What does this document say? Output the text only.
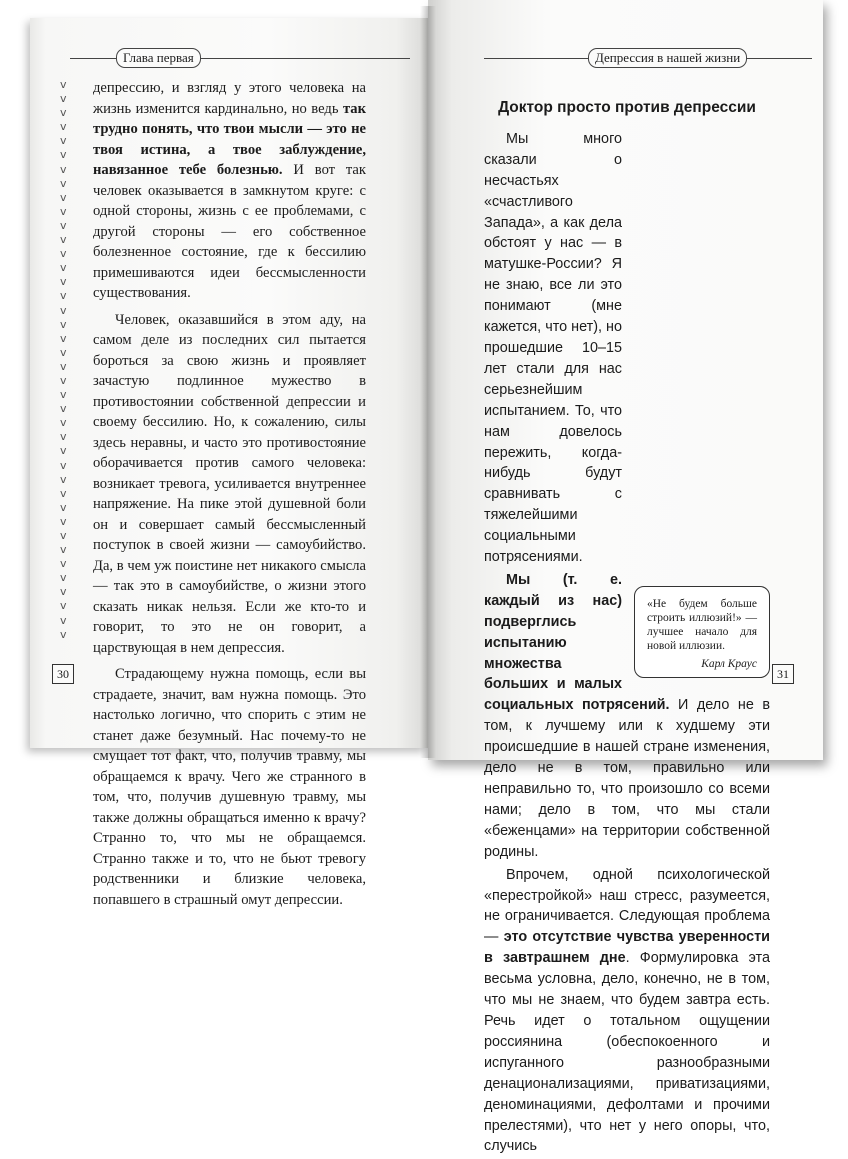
Глава первая	Депрессия в нашей жизни
v
v
v
v
v
v
v
v
v
v
v
v
v
v
v
v
v
v
v
v
v
v
v
v
v
v
v
v
v
v
v
v
v
v
v
v
v
v
v
v

депрессию, и взгляд у этого человека на жизнь изменится кардинально, но ведь так трудно понять, что твои мысли — это не твоя истина, а твое заблуждение, навязанное тебе болезнью. И вот так человек оказывается в замкнутом круге: с одной стороны, жизнь с ее проблемами, с другой стороны — его собственное болезненное состояние, где к бессилию примешиваются идеи бессмысленности существования.

Человек, оказавшийся в этом аду, на самом деле из последних сил пытается бороться за свою жизнь и проявляет зачастую подлинное мужество в противостоянии собственной депрессии и своему бессилию. Но, к сожалению, силы здесь неравны, и часто это противостояние оборачивается против самого человека: возникает тревога, усиливается внутреннее напряжение. На пике этой душевной боли он и совершает самый бессмысленный поступок в своей жизни — самоубийство. Да, в чем уж поистине нет никакого смысла — так это в самоубийстве, о жизни этого сказать никак нельзя. Если же кто-то и говорит, то это не он говорит, а царствующая в нем депрессия.

Страдающему нужна помощь, если вы страдаете, значит, вам нужна помощь. Это настолько логично, что спорить с этим не станет даже безумный. Нас почему-то не смущает тот факт, что, получив травму, мы обращаемся к врачу. Чего же странного в том, что, получив душевную травму, мы также должны обращаться именно к врачу? Странно то, что мы не обращаемся. Странно также и то, что не бьют тревогу родственники и близкие человека, попавшего в страшный омут депрессии.

Доктор просто против депрессии

Мы много сказали о несчастьях «счастливого Запада», а как дела обстоят у нас — в матушке-России? Я не знаю, все ли это понимают (мне кажется, что нет), но прошедшие 10–15 лет стали для нас серьезнейшим испытанием. То, что нам довелось пережить, когда-нибудь будут сравнивать с тяжелейшими социальными потрясениями.

Мы (т. е. каждый из нас) подверглись испытанию множества больших и малых социальных потрясений. И дело не в том, к лучшему или к худшему эти происшедшие в нашей стране изменения, дело не в том, правильно или неправильно то, что произошло со всеми нами; дело в том, что мы стали «беженцами» на территории собственной родины.

Впрочем, одной психологической «перестройкой» наш стресс, разумеется, не ограничивается. Следующая проблема — это отсутствие чувства уверенности в завтрашнем дне. Формулировка эта весьма условна, дело, конечно, не в том, что мы не знаем, что будем завтра есть. Речь идет о тотальном ощущении россиянина (обеспокоенного и испуганного разнообразными денационализациями, приватизациями, деноминациями, дефолтами и прочими прелестями), что нет у него опоры, что, случись

«Не будем больше строить иллюзий!» — лучшее начало для новой иллюзии.
Карл Краус
30	31
